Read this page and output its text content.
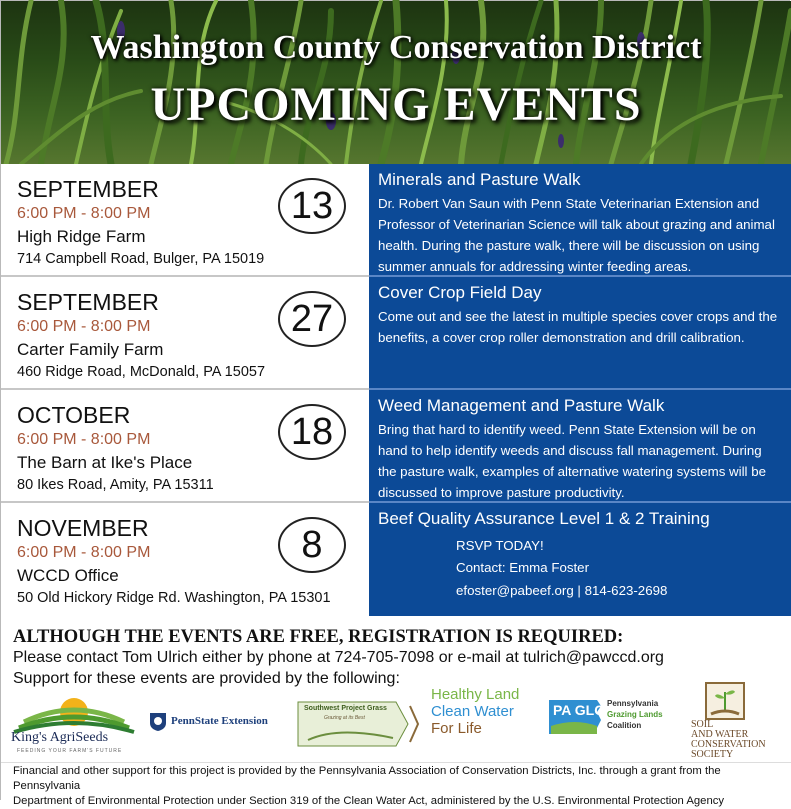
Washington County Conservation District
UPCOMING EVENTS
SEPTEMBER
6:00 PM - 8:00 PM
High Ridge Farm
714 Campbell Road, Bulger, PA 15019
13
Minerals and Pasture Walk
Dr. Robert Van Saun with Penn State Veterinarian Extension and
Professor of Veterinarian Science will talk about grazing and animal
health. During the pasture walk, there will be discussion on using
summer annuals for addressing winter feeding areas.
SEPTEMBER
6:00 PM - 8:00 PM
Carter Family Farm
460 Ridge Road, McDonald, PA 15057
27
Cover Crop Field Day
Come out and see the latest in multiple species cover crops and the
benefits, a cover crop roller demonstration and drill calibration.
OCTOBER
6:00 PM - 8:00 PM
The Barn at Ike's Place
80 Ikes Road, Amity, PA 15311
18
Weed Management and Pasture Walk
Bring that hard to identify weed. Penn State Extension will be on
hand to help identify weeds and discuss fall management. During
the pasture walk, examples of alternative watering systems will be
discussed to improve pasture productivity.
NOVEMBER
6:00 PM - 8:00 PM
WCCD Office
50 Old Hickory Ridge Rd. Washington, PA 15301
8
Beef Quality Assurance Level 1 & 2 Training
RSVP TODAY!
Contact: Emma Foster
efoster@pabeef.org | 814-623-2698
ALTHOUGH THE EVENTS ARE FREE, REGISTRATION IS REQUIRED:
Please contact Tom Ulrich either by phone at 724-705-7098 or e-mail at tulrich@pawccd.org
Support for these events are provided by the following:
King's AgriSeeds
FEEDING YOUR FARM'S FUTURE
PennState Extension
Southwest Project Grass
Grazing at its Best
Healthy Land
Clean Water
For Life
PA GLC Pennsylvania
Grazing Lands
Coalition	SOIL
AND WATER
CONSERVATION
SOCIETY
Financial and other support for this project is provided by the Pennsylvania Association of Conservation Districts, Inc. through a grant from the Pennsylvania
Department of Environmental Protection under Section 319 of the Clean Water Act, administered by the U.S. Environmental Protection Agency
